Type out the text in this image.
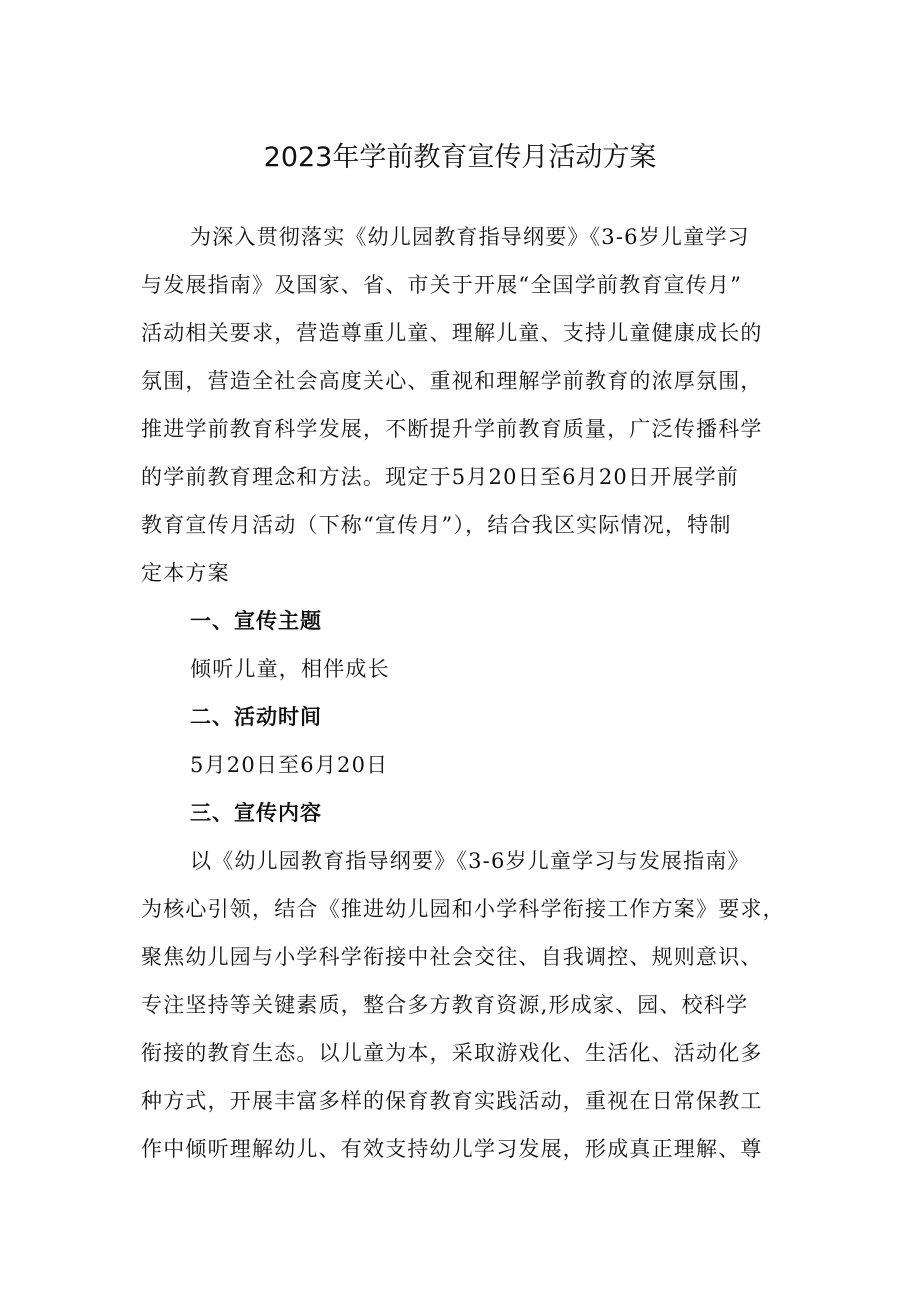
2023年学前教育宣传月活动方案
为深入贯彻落实《幼儿园教育指导纲要》《3-6岁儿童学习
与发展指南》及国家、省、市关于开展“全国学前教育宣传月”
活动相关要求，营造尊重儿童、理解儿童、支持儿童健康成长的
氛围，营造全社会高度关心、重视和理解学前教育的浓厚氛围，
推进学前教育科学发展，不断提升学前教育质量，广泛传播科学
的学前教育理念和方法。现定于5月20日至6月20日开展学前
教育宣传月活动（下称“宣传月”），结合我区实际情况，特制
定本方案
一、宣传主题
倾听儿童，相伴成长
二、活动时间
5月20日至6月20日
三、宣传内容
以《幼儿园教育指导纲要》《3-6岁儿童学习与发展指南》
为核心引领，结合《推进幼儿园和小学科学衔接工作方案》要求，
聚焦幼儿园与小学科学衔接中社会交往、自我调控、规则意识、
专注坚持等关键素质，整合多方教育资源,形成家、园、校科学
衔接的教育生态。以儿童为本，采取游戏化、生活化、活动化多
种方式，开展丰富多样的保育教育实践活动，重视在日常保教工
作中倾听理解幼儿、有效支持幼儿学习发展，形成真正理解、尊
